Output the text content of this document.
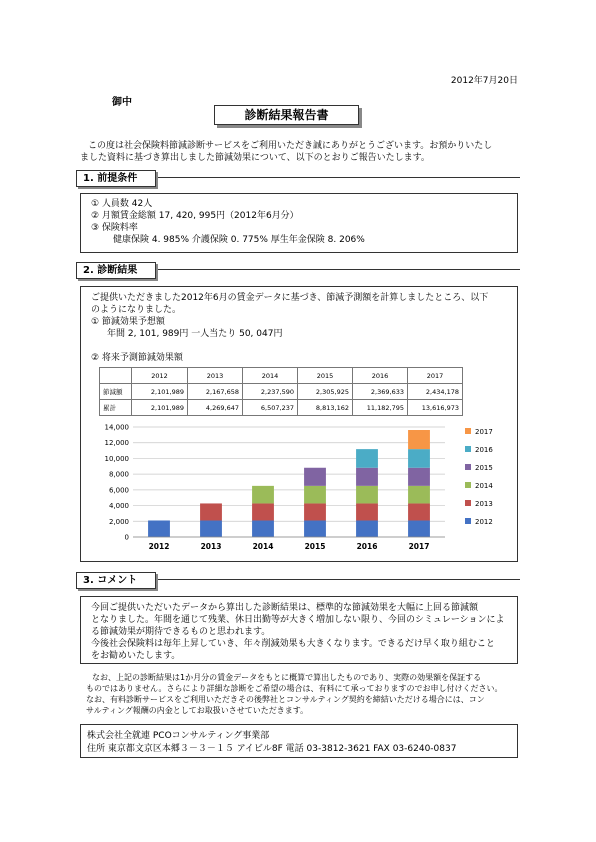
2012年7月20日
御中
診断結果報告書
この度は社会保険料節減診断サービスをご利用いただき誠にありがとうございます。お預かりいたし
ました資料に基づき算出しました節減効果について、以下のとおりご報告いたします。
1. 前提条件
① 人員数 42人
② 月額賃金総額 17, 420, 995円（2012年6月分）
③ 保険料率
健康保険 4. 985% 介護保険 0. 775% 厚生年金保険 8. 206%
2. 診断結果
ご提供いただきました2012年6月の賃金データに基づき、節減予測額を計算しましたところ、以下
のようになりました。
① 節減効果予想額
年間 2, 101, 989円 一人当たり 50, 047円
② 将来予測節減効果額
	2012	2013	2014	2015	2016	2017
節減額	2,101,989	2,167,658	2,237,590	2,305,925	2,369,633	2,434,178
累計	2,101,989	4,269,647	6,507,237	8,813,162	11,182,795	13,616,973
0
2,000
4,000
6,000
8,000
10,000
12,000
14,000
2012	2013	2014	2015	2016	2017
2017
2016
2015
2014
2013
2012
3. コメント
今回ご提供いただいたデータから算出した診断結果は、標準的な節減効果を大幅に上回る節減額
となりました。年間を通じて残業、休日出勤等が大きく増加しない限り、今回のシミュレーションによ
る節減効果が期待できるものと思われます。
今後社会保険料は毎年上昇していき、年々削減効果も大きくなります。できるだけ早く取り組むこと
をお勧めいたします。
なお、上記の診断結果は1か月分の賃金データをもとに概算で算出したものであり、実際の効果額を保証する
ものではありません。さらにより詳細な診断をご希望の場合は、有料にて承っておりますのでお申し付けください。
なお、有料診断サービスをご利用いただきその後弊社とコンサルティング契約を締結いただける場合には、コン
サルティング報酬の内金としてお取扱いさせていただきます。
株式会社全就連 PCOコンサルティング事業部
住所 東京都文京区本郷３－３－１５ アイビル8F 電話 03-3812-3621 FAX 03-6240-0837
